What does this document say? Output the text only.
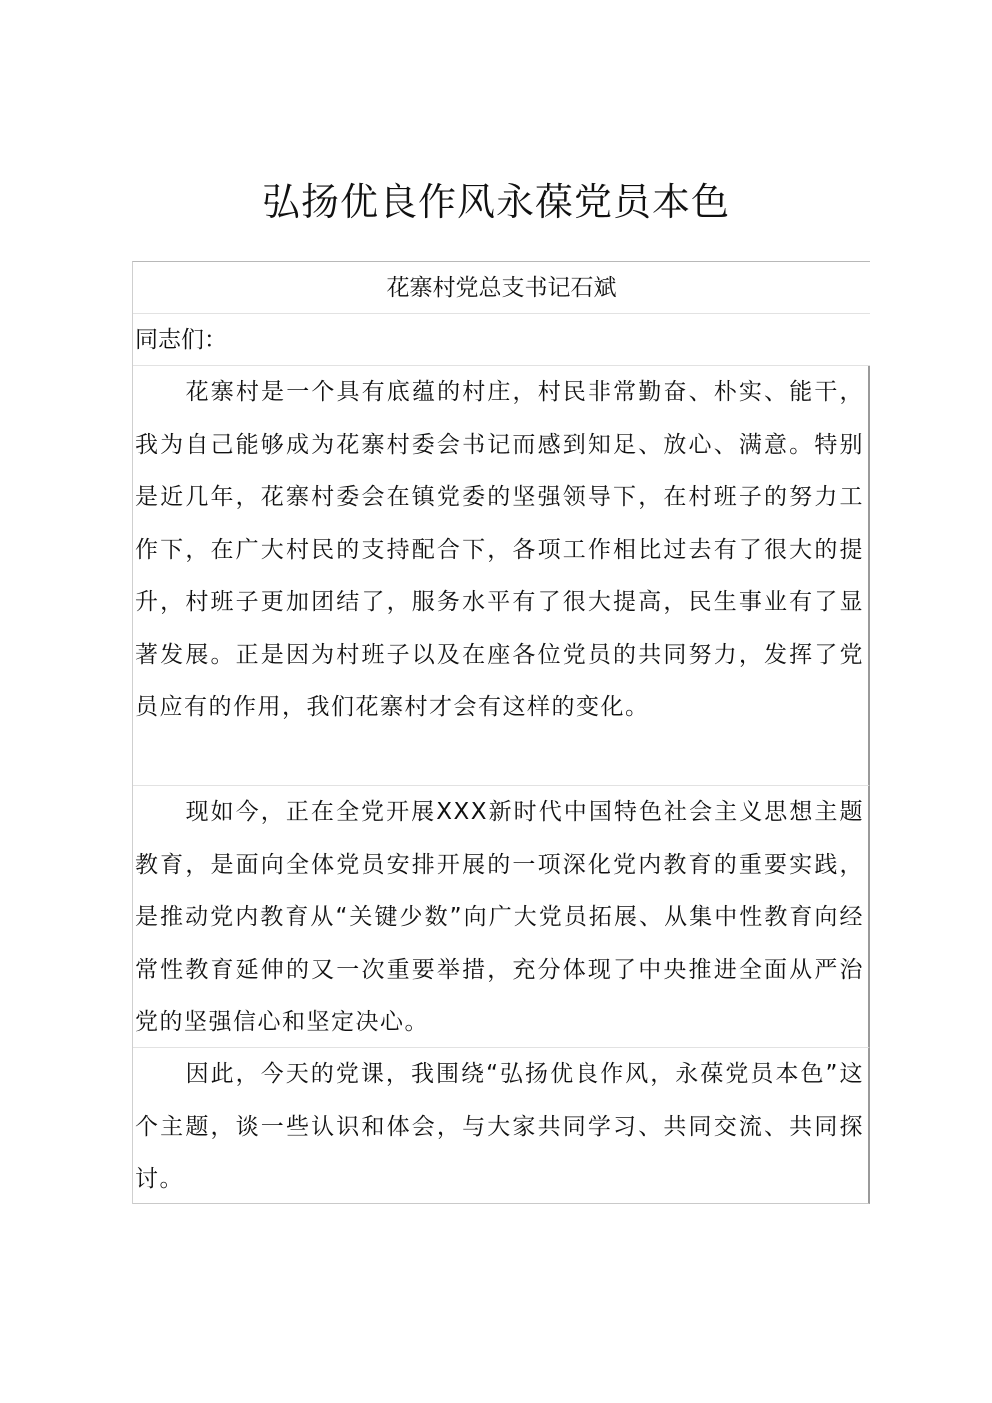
弘扬优良作风永葆党员本色
花寨村党总支书记石斌
同志们：
花寨村是一个具有底蕴的村庄，村民非常勤奋、朴实、能干，我为自己能够成为花寨村委会书记而感到知足、放心、满意。特别是近几年，花寨村委会在镇党委的坚强领导下，在村班子的努力工作下，在广大村民的支持配合下，各项工作相比过去有了很大的提升，村班子更加团结了，服务水平有了很大提高，民生事业有了显著发展。正是因为村班子以及在座各位党员的共同努力，发挥了党员应有的作用，我们花寨村才会有这样的变化。
现如今，正在全党开展XXX新时代中国特色社会主义思想主题教育，是面向全体党员安排开展的一项深化党内教育的重要实践，是推动党内教育从“关键少数”向广大党员拓展、从集中性教育向经常性教育延伸的又一次重要举措，充分体现了中央推进全面从严治党的坚强信心和坚定决心。
因此，今天的党课，我围绕“弘扬优良作风，永葆党员本色”这个主题，谈一些认识和体会，与大家共同学习、共同交流、共同探讨。
